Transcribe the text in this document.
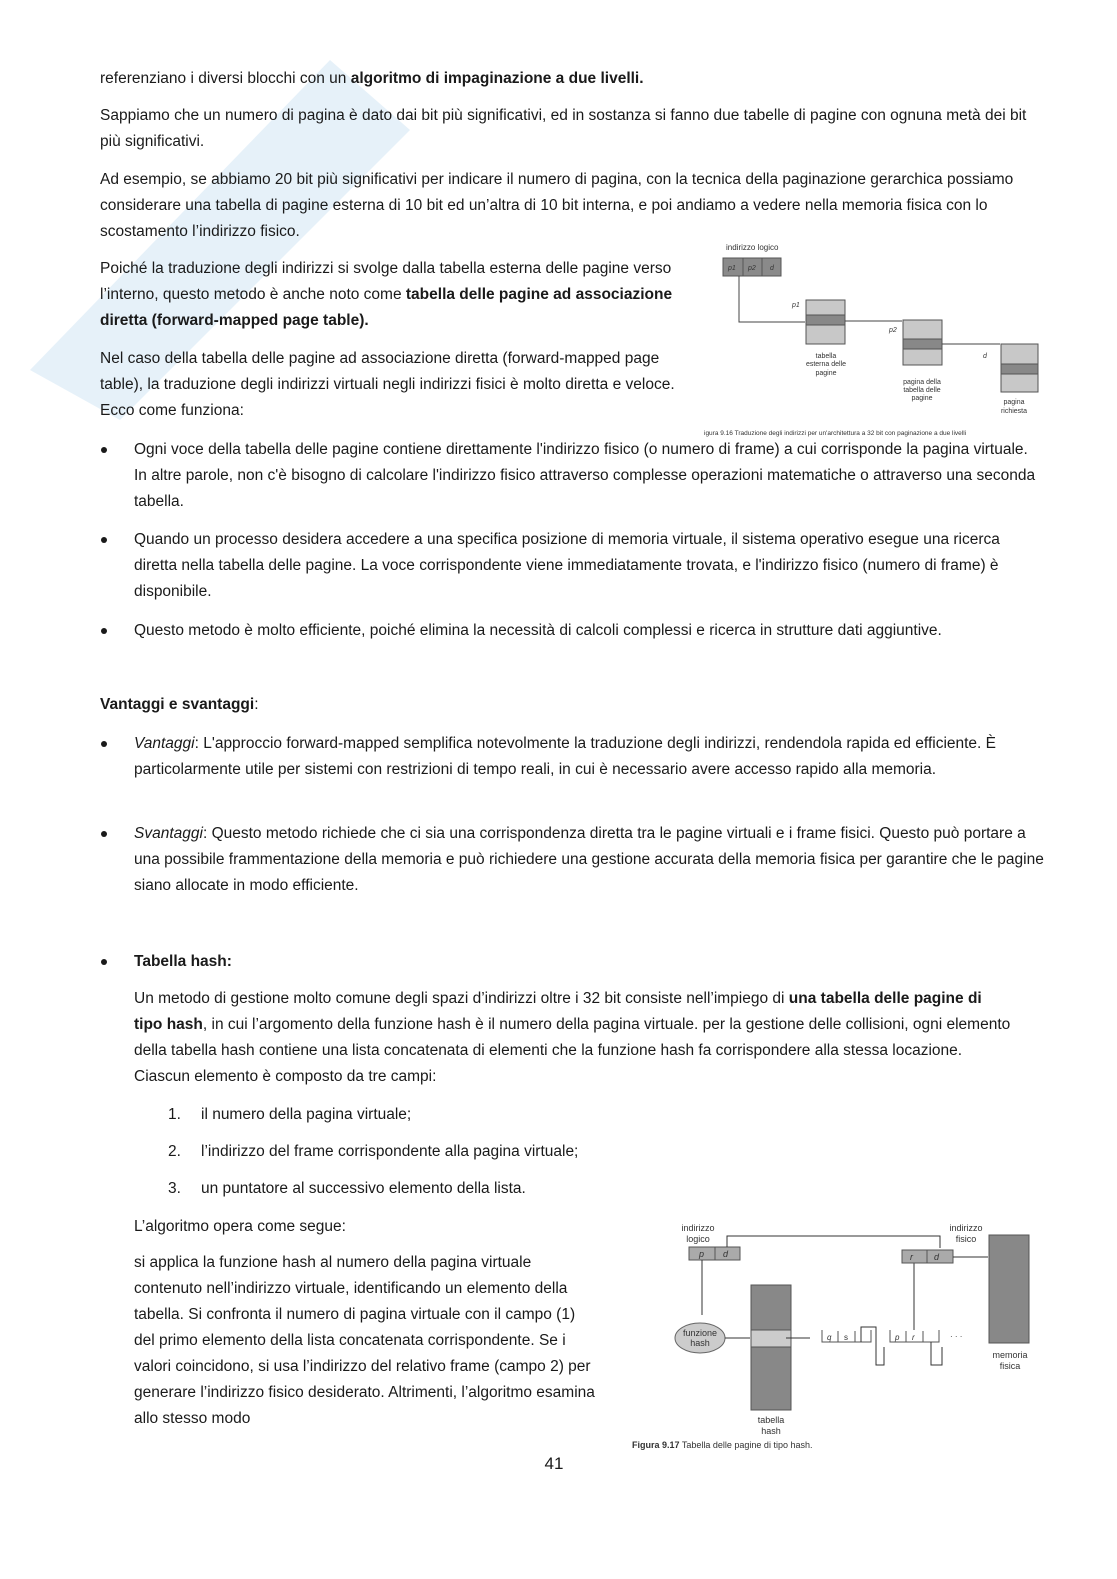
referenziano i diversi blocchi con un algoritmo di impaginazione a due livelli.

Sappiamo che un numero di pagina è dato dai bit più significativi, ed in sostanza si fanno due tabelle di pagine con ognuna metà dei bit più significativi.

Ad esempio, se abbiamo 20 bit più significativi per indicare il numero di pagina, con la tecnica della paginazione gerarchica possiamo considerare una tabella di pagine esterna di 10 bit ed un’altra di 10 bit interna, e poi andiamo a vedere nella memoria fisica con lo scostamento l’indirizzo fisico.

Poiché la traduzione degli indirizzi si svolge dalla tabella esterna delle pagine verso l’interno, questo metodo è anche noto come tabella delle pagine ad associazione diretta (forward-mapped page table).

Nel caso della tabella delle pagine ad associazione diretta (forward-mapped page table), la traduzione degli indirizzi virtuali negli indirizzi fisici è molto diretta e veloce. Ecco come funziona:

indirizzo logico
p1 p2 d
p1
tabella
esterna delle
pagine
p2
pagina della
tabella delle
pagine
d
pagina
richiesta
igura 9.16 Traduzione degli indirizzi per un'architettura a 32 bit con paginazione a due livelli

Ogni voce della tabella delle pagine contiene direttamente l'indirizzo fisico (o numero di frame) a cui corrisponde la pagina virtuale. In altre parole, non c'è bisogno di calcolare l'indirizzo fisico attraverso complesse operazioni matematiche o attraverso una seconda tabella.

Quando un processo desidera accedere a una specifica posizione di memoria virtuale, il sistema operativo esegue una ricerca diretta nella tabella delle pagine. La voce corrispondente viene immediatamente trovata, e l'indirizzo fisico (numero di frame) è disponibile.

Questo metodo è molto efficiente, poiché elimina la necessità di calcoli complessi e ricerca in strutture dati aggiuntive.

Vantaggi e svantaggi:

Vantaggi: L'approccio forward-mapped semplifica notevolmente la traduzione degli indirizzi, rendendola rapida ed efficiente. È particolarmente utile per sistemi con restrizioni di tempo reali, in cui è necessario avere accesso rapido alla memoria.

Svantaggi: Questo metodo richiede che ci sia una corrispondenza diretta tra le pagine virtuali e i frame fisici. Questo può portare a una possibile frammentazione della memoria e può richiedere una gestione accurata della memoria fisica per garantire che le pagine siano allocate in modo efficiente.

Tabella hash:

Un metodo di gestione molto comune degli spazi d’indirizzi oltre i 32 bit consiste nell’impiego di una tabella delle pagine di tipo hash, in cui l’argomento della funzione hash è il numero della pagina virtuale. per la gestione delle collisioni, ogni elemento della tabella hash contiene una lista concatenata di elementi che la funzione hash fa corrispondere alla stessa locazione. Ciascun elemento è composto da tre campi:

1. il numero della pagina virtuale;

2. l’indirizzo del frame corrispondente alla pagina virtuale;

3. un puntatore al successivo elemento della lista.

L’algoritmo opera come segue:

si applica la funzione hash al numero della pagina virtuale contenuto nell’indirizzo virtuale, identificando un elemento della tabella. Si confronta il numero di pagina virtuale con il campo (1) del primo elemento della lista concatenata corrispondente. Se i valori coincidono, si usa l’indirizzo del relativo frame (campo 2) per generare l’indirizzo fisico desiderato. Altrimenti, l’algoritmo esamina allo stesso modo

indirizzo
logico
p d
funzione
hash
tabella
hash
q s	p r	· · ·
r d
indirizzo
fisico
memoria
fisica
Figura 9.17 Tabella delle pagine di tipo hash.
41
